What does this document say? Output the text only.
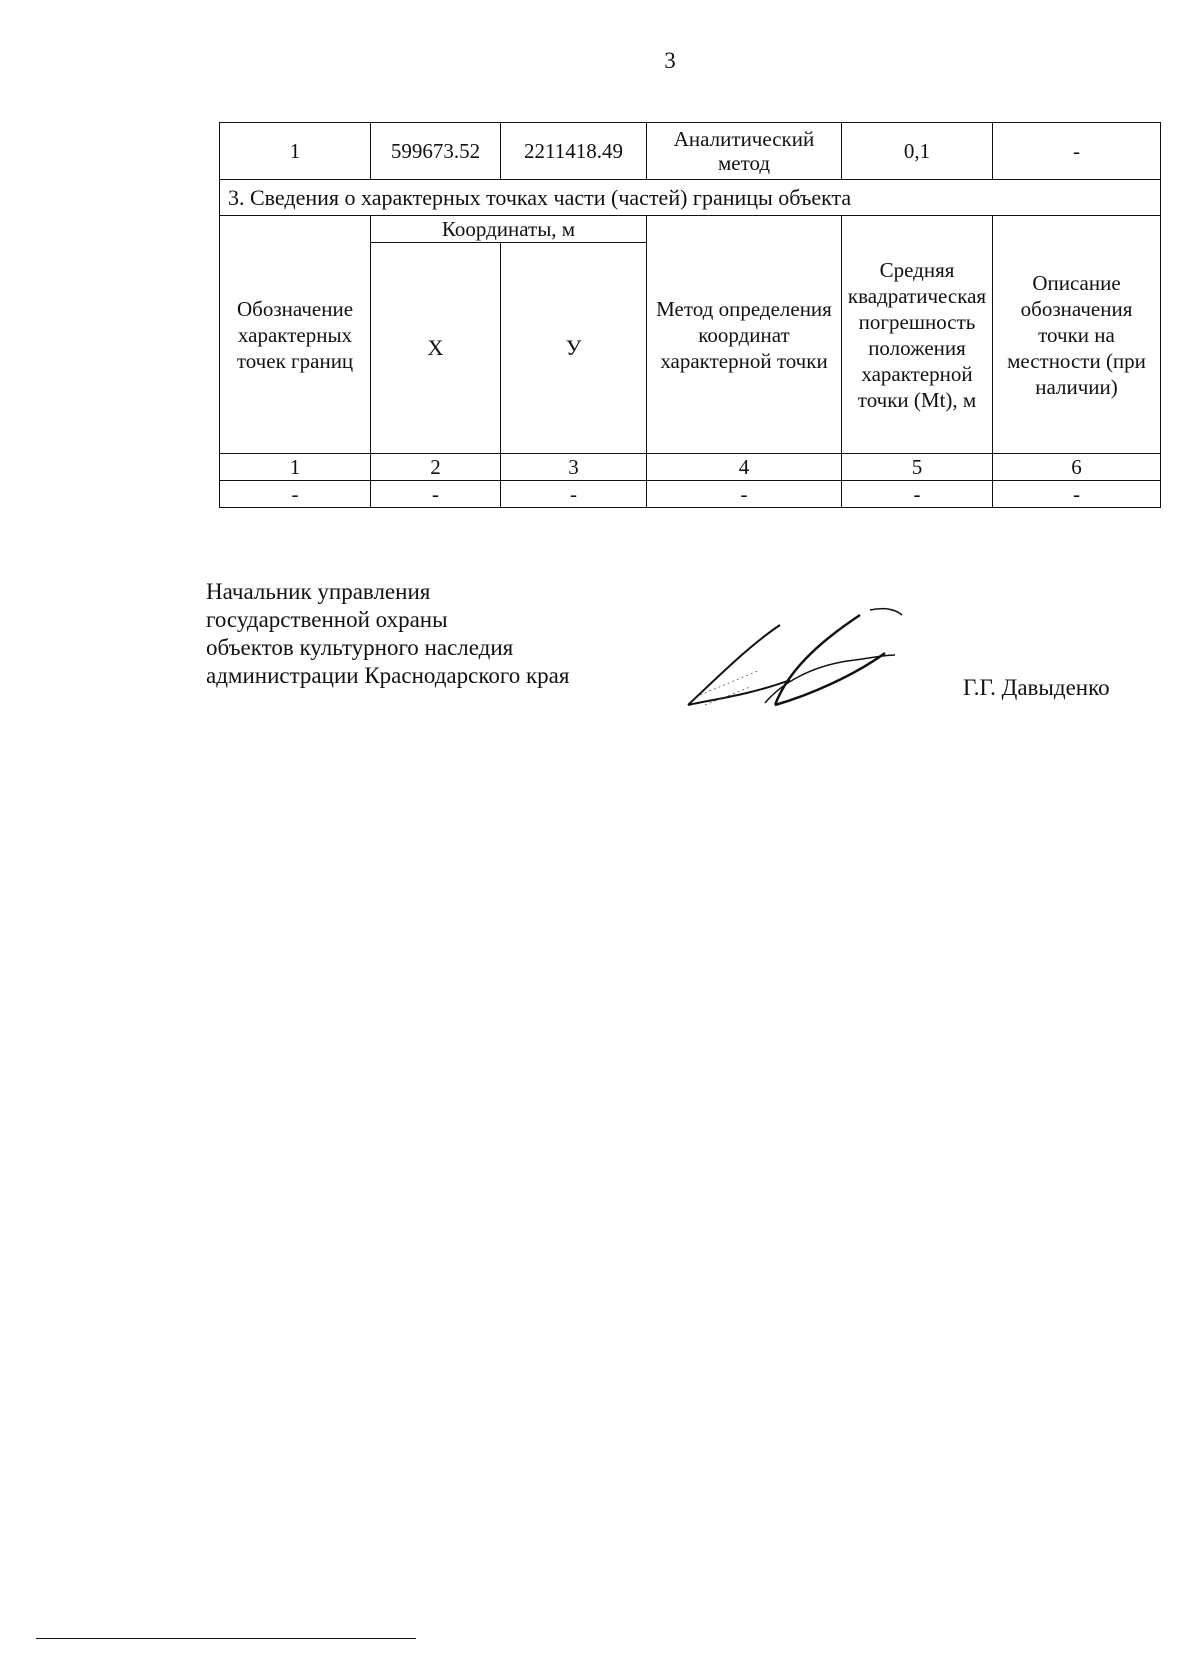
3
1	599673.52	2211418.49	Аналитический метод	0,1	-
3. Сведения о характерных точках части (частей) границы объекта					
Обозначение характерных точек границ	Координаты, м		Метод определения координат характерной точки	Средняя квадратическая погрешность положения характерной точки (Mt), м	Описание обозначения точки на местности (при наличии)
	Х	У			
1	2	3	4	5	6
-	-	-	-	-	-
Начальник управления
государственной охраны
объектов культурного наследия
администрации Краснодарского края	Г.Г. Давыденко
